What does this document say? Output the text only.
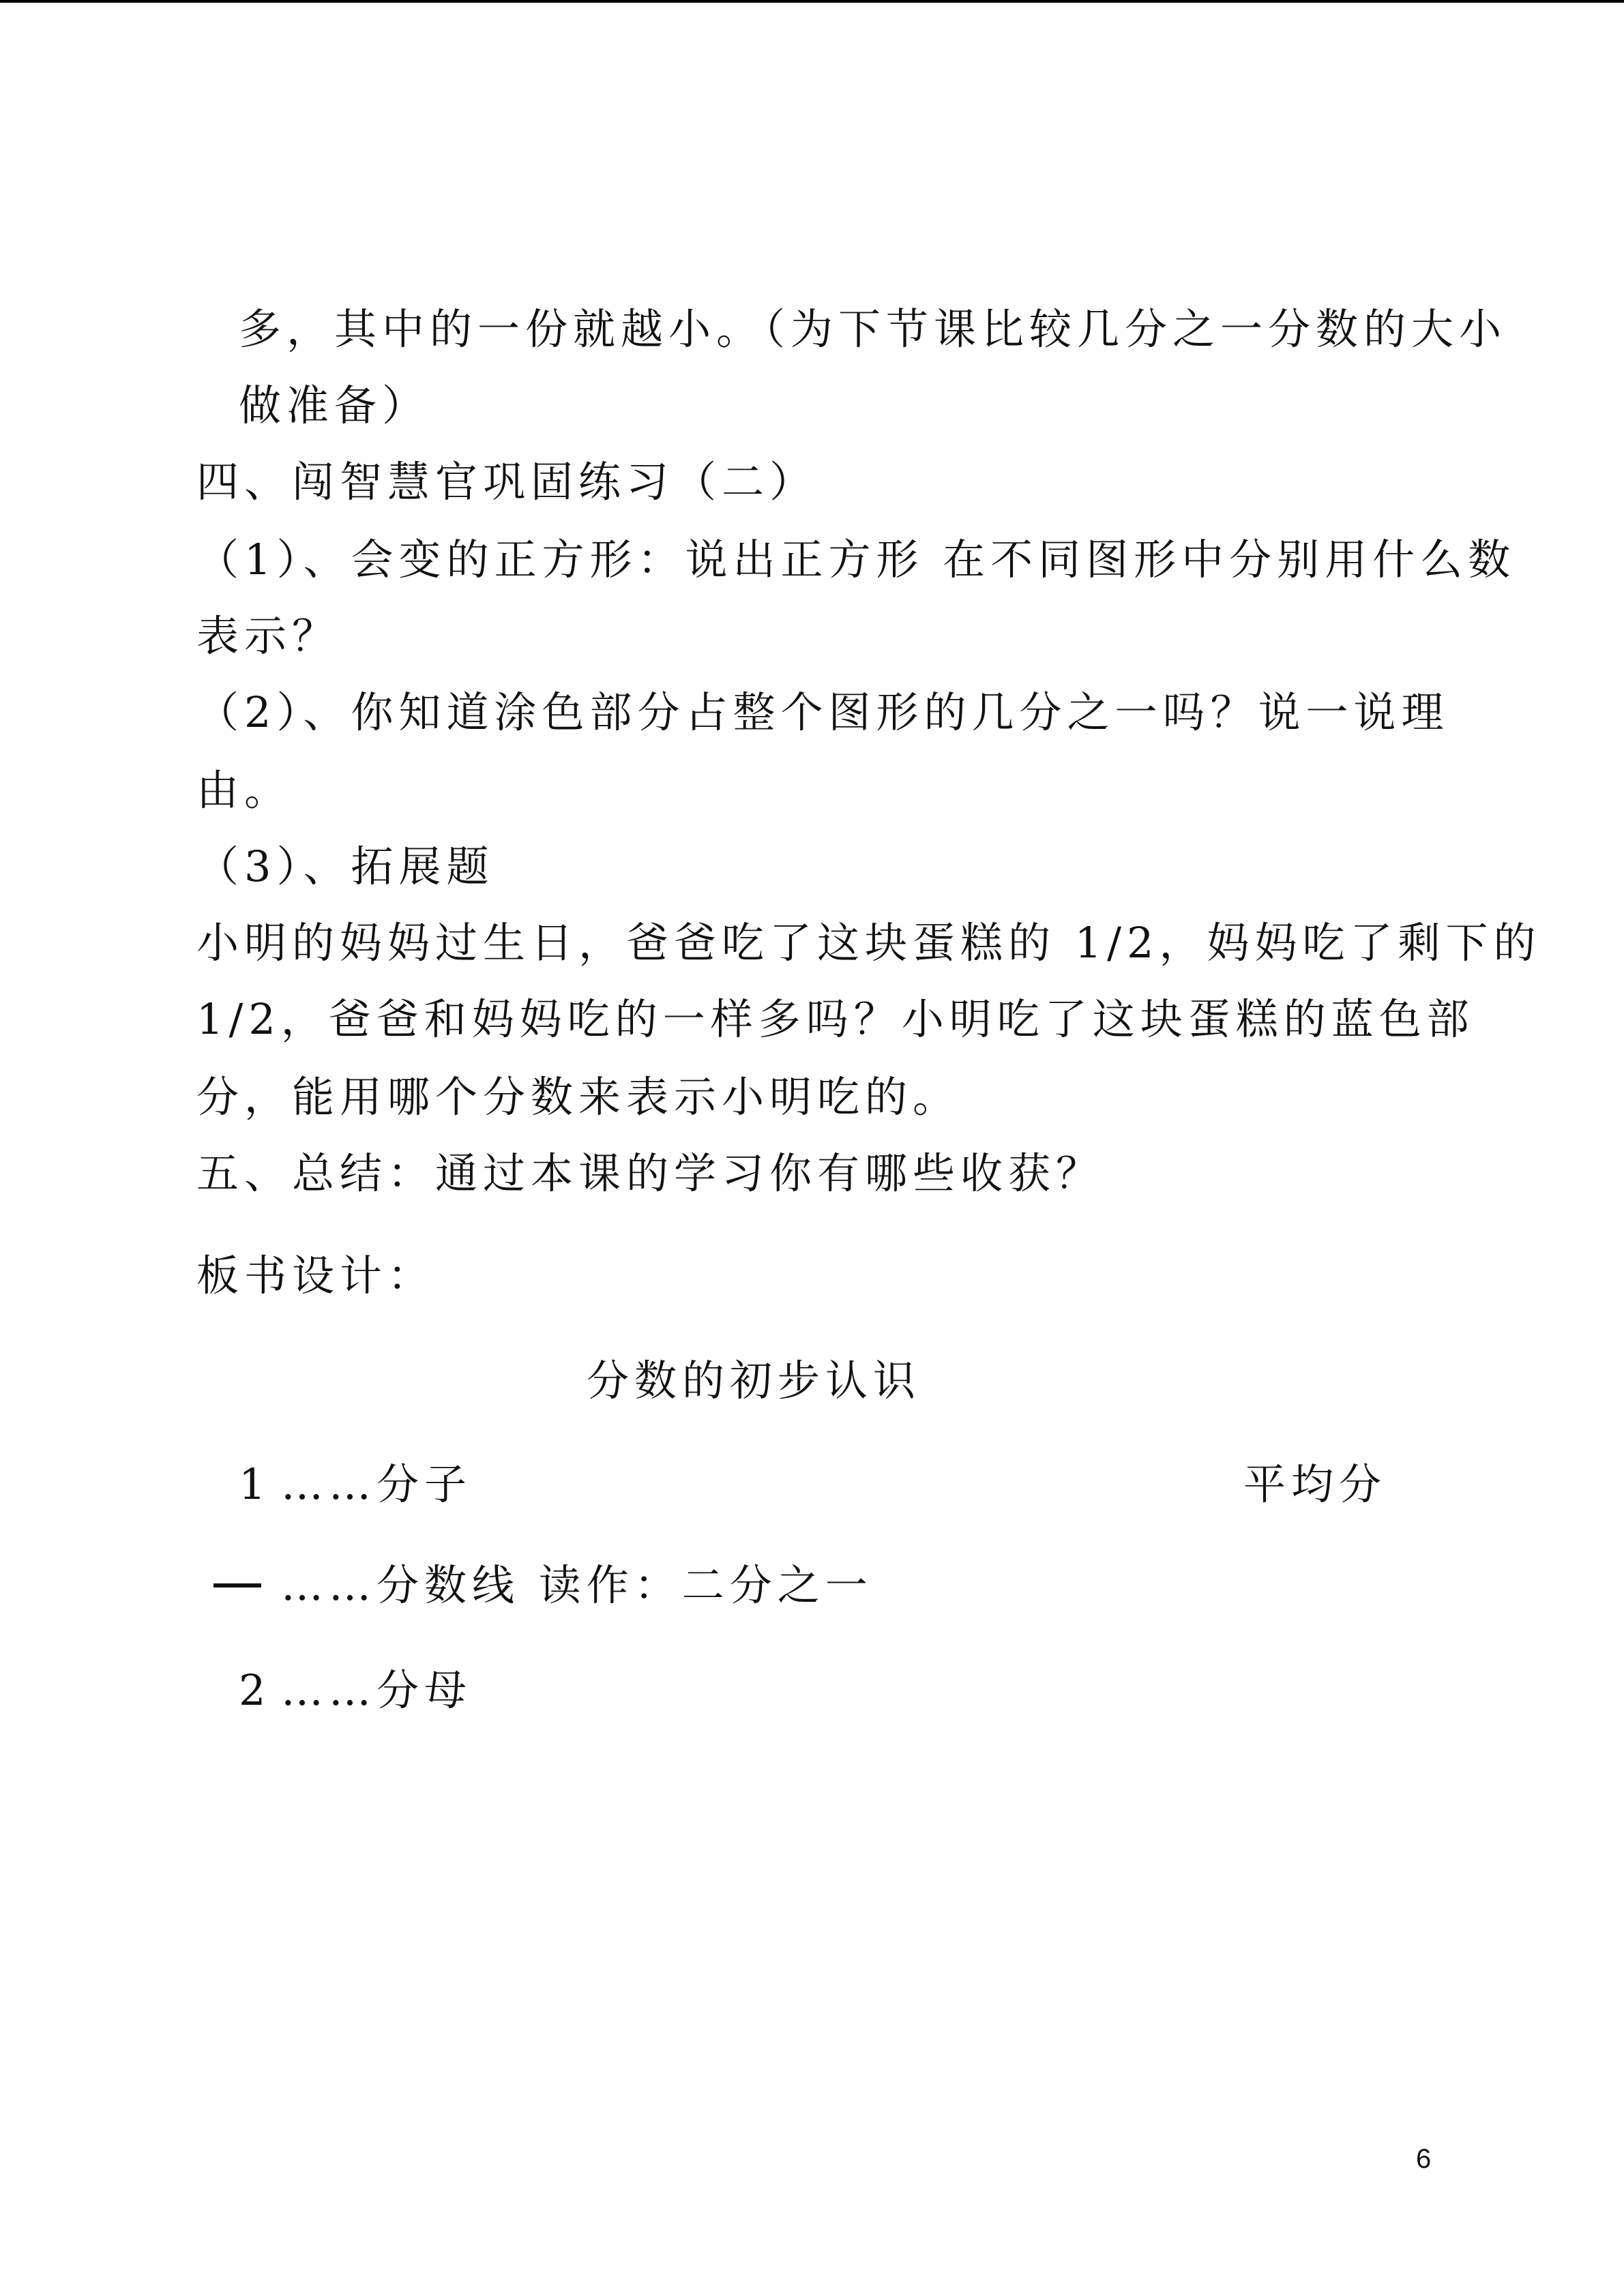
多，其中的一份就越小。（为下节课比较几分之一分数的大小
做准备）
四、闯智慧官巩固练习（二）
（1）、会变的正方形：说出正方形 在不同图形中分别用什么数
表示？
（2）、你知道涂色部分占整个图形的几分之一吗？说一说理
由。
（3）、拓展题
小明的妈妈过生日，爸爸吃了这块蛋糕的 1/2，妈妈吃了剩下的
1/2，爸爸和妈妈吃的一样多吗？小明吃了这块蛋糕的蓝色部
分，能用哪个分数来表示小明吃的。
五、总结：通过本课的学习你有哪些收获？
板书设计：
分数的初步认识
1 ……分子	平均分
……分数线 读作：二分之一
2 ……分母
6
